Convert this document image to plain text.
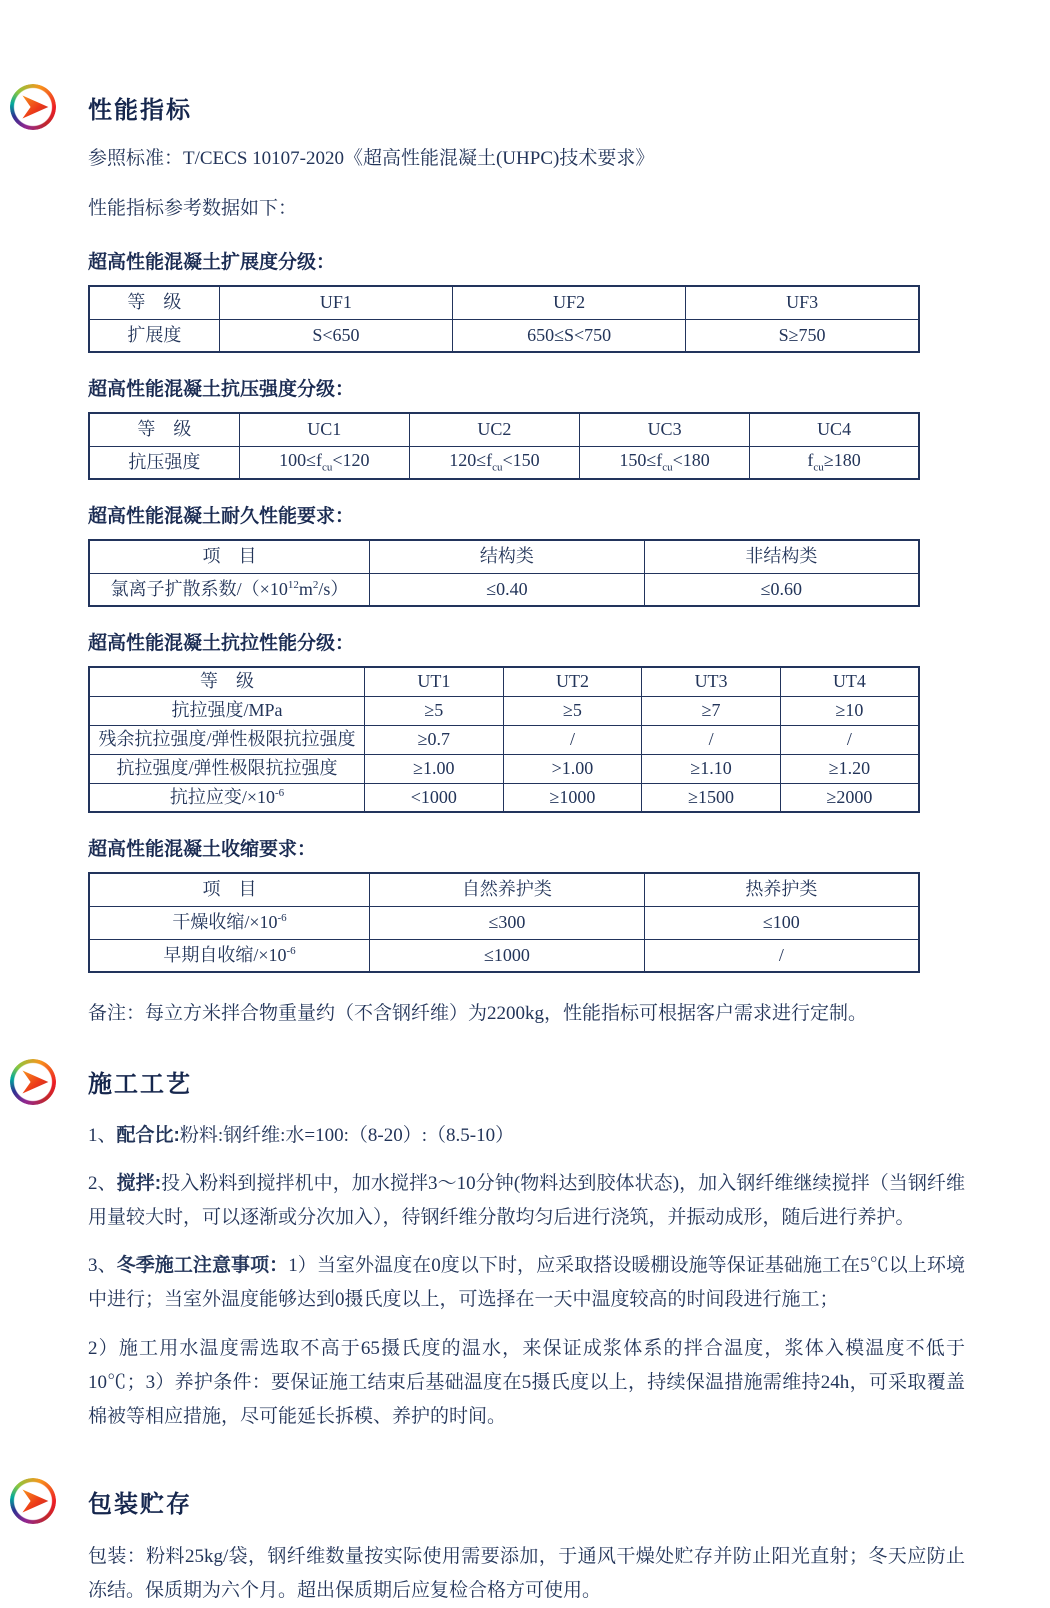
性能指标

参照标准：T/CECS 10107-2020《超高性能混凝土(UHPC)技术要求》

性能指标参考数据如下：

超高性能混凝土扩展度分级：
等　级	UF1	UF2	UF3
扩展度	S<650	650≤S<750	S≥750
超高性能混凝土抗压强度分级：
等　级	UC1	UC2	UC3	UC4
抗压强度	$100\le f_{cu}<120$	$120\le f_{cu}<150$	$150\le f_{cu}<180$	$f_{cu}\ge 180$
超高性能混凝土耐久性能要求：
项　目	结构类	非结构类
氯离子扩散系数$/(\times 10^{12}m^2/s)$	≤0.40	≤0.60
超高性能混凝土抗拉性能分级：
等　级	UT1	UT2	UT3	UT4
抗拉强度/MPa	≥5	≥5	≥7	≥10
残余抗拉强度/弹性极限抗拉强度	≥0.7	/	/	/
抗拉强度/弹性极限抗拉强度	≥1.00	>1.00	≥1.10	≥1.20
抗拉应变$/\times 10^{-6}$	<1000	≥1000	≥1500	≥2000
超高性能混凝土收缩要求：
项　目	自然养护类	热养护类
干燥收缩$/\times 10^{-6}$	≤300	≤100
早期自收缩$/\times 10^{-6}$	≤1000	/

备注：每立方米拌合物重量约（不含钢纤维）为2200kg，性能指标可根据客户需求进行定制。

施工工艺

1、配合比:粉料:钢纤维:水=100:（8-20）:（8.5-10）

2、搅拌:投入粉料到搅拌机中，加水搅拌3～10分钟(物料达到胶体状态)，加入钢纤维继续搅拌（当钢纤维用量较大时，可以逐渐或分次加入），待钢纤维分散均匀后进行浇筑，并振动成形，随后进行养护。

3、冬季施工注意事项：1）当室外温度在0度以下时，应采取搭设暖棚设施等保证基础施工在5℃以上环境中进行；当室外温度能够达到0摄氏度以上，可选择在一天中温度较高的时间段进行施工；

2）施工用水温度需选取不高于65摄氏度的温水，来保证成浆体系的拌合温度，浆体入模温度不低于10℃；3）养护条件：要保证施工结束后基础温度在5摄氏度以上，持续保温措施需维持24h，可采取覆盖棉被等相应措施，尽可能延长拆模、养护的时间。

包装贮存

包装：粉料25kg/袋，钢纤维数量按实际使用需要添加，于通风干燥处贮存并防止阳光直射；冬天应防止冻结。保质期为六个月。超出保质期后应复检合格方可使用。
